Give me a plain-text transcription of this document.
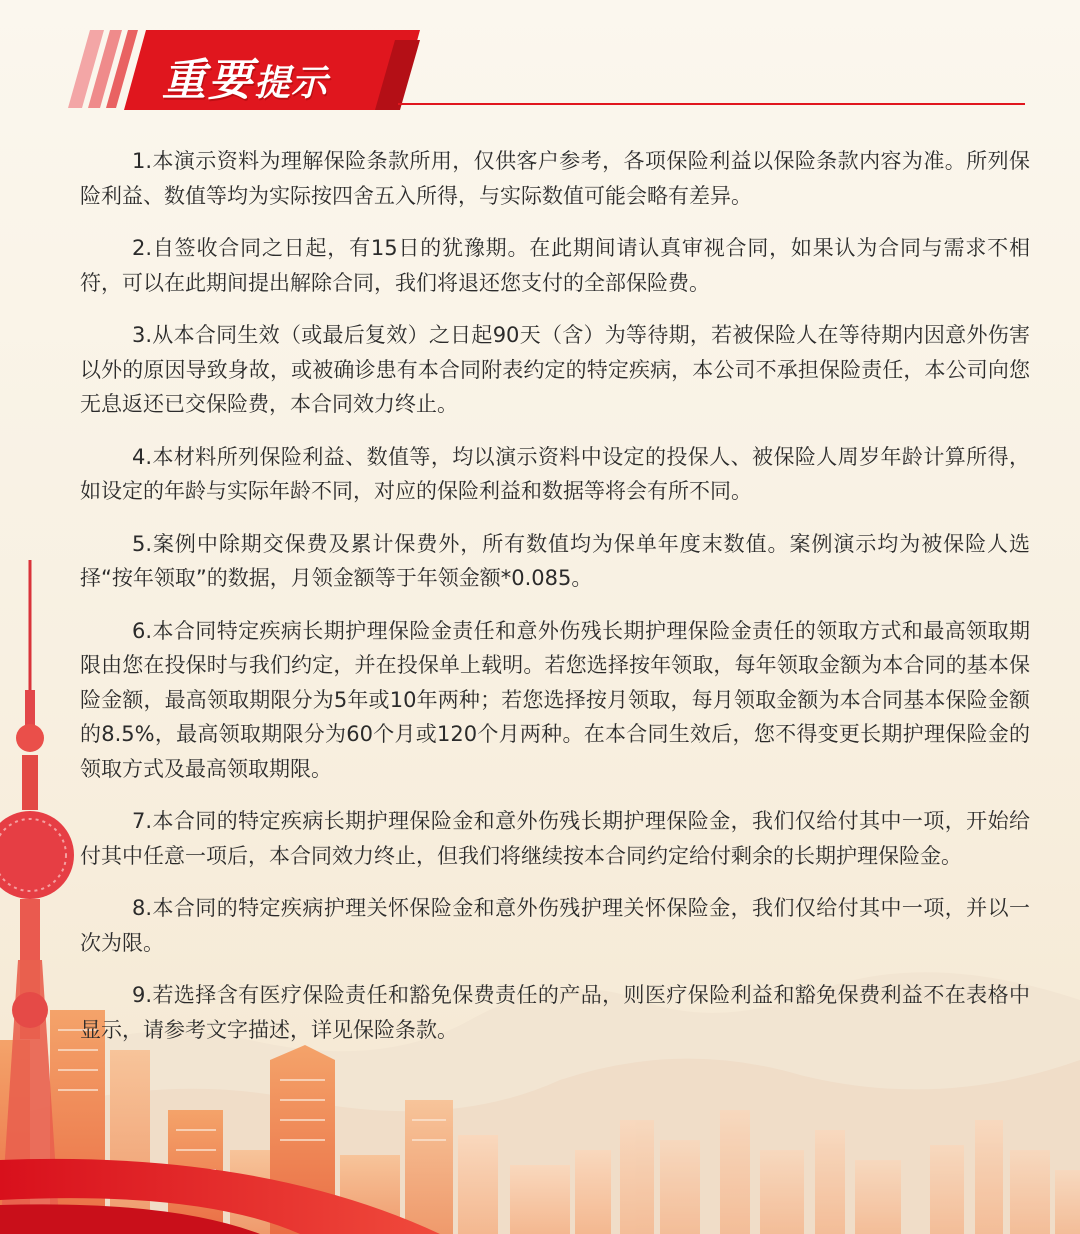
重要 提示

1.本演示资料为理解保险条款所用，仅供客户参考，各项保险利益以保险条款内容为准。所列保险利益、数值等均为实际按四舍五入所得，与实际数值可能会略有差异。

2.自签收合同之日起，有15日的犹豫期。在此期间请认真审视合同，如果认为合同与需求不相符，可以在此期间提出解除合同，我们将退还您支付的全部保险费。

3.从本合同生效（或最后复效）之日起90天（含）为等待期，若被保险人在等待期内因意外伤害以外的原因导致身故，或被确诊患有本合同附表约定的特定疾病，本公司不承担保险责任，本公司向您无息返还已交保险费，本合同效力终止。

4.本材料所列保险利益、数值等，均以演示资料中设定的投保人、被保险人周岁年龄计算所得，如设定的年龄与实际年龄不同，对应的保险利益和数据等将会有所不同。

5.案例中除期交保费及累计保费外，所有数值均为保单年度末数值。案例演示均为被保险人选择“按年领取”的数据，月领金额等于年领金额*0.085。

6.本合同特定疾病长期护理保险金责任和意外伤残长期护理保险金责任的领取方式和最高领取期限由您在投保时与我们约定，并在投保单上载明。若您选择按年领取，每年领取金额为本合同的基本保险金额，最高领取期限分为5年或10年两种；若您选择按月领取，每月领取金额为本合同基本保险金额的8.5%，最高领取期限分为60个月或120个月两种。在本合同生效后，您不得变更长期护理保险金的领取方式及最高领取期限。

7.本合同的特定疾病长期护理保险金和意外伤残长期护理保险金，我们仅给付其中一项，开始给付其中任意一项后，本合同效力终止，但我们将继续按本合同约定给付剩余的长期护理保险金。

8.本合同的特定疾病护理关怀保险金和意外伤残护理关怀保险金，我们仅给付其中一项，并以一次为限。

9.若选择含有医疗保险责任和豁免保费责任的产品，则医疗保险利益和豁免保费利益不在表格中显示，请参考文字描述，详见保险条款。
